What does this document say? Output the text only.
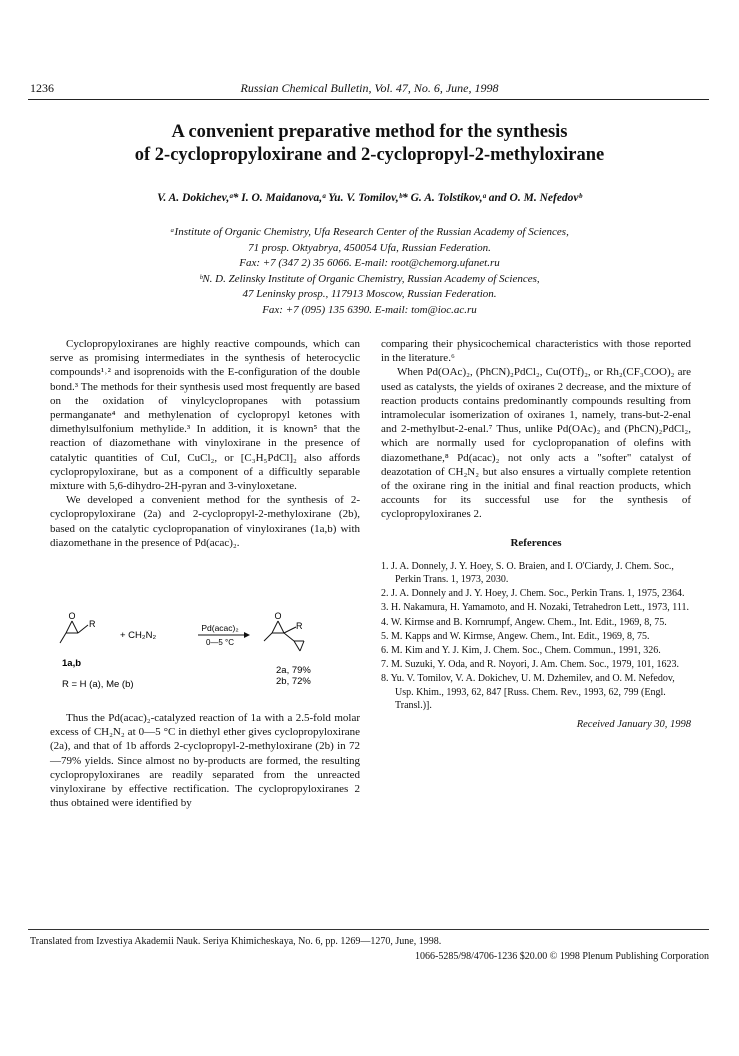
1236	Russian Chemical Bulletin, Vol. 47, No. 6, June, 1998
A convenient preparative method for the synthesis
of 2-cyclopropyloxirane and 2-cyclopropyl-2-methyloxirane
V. A. Dokichev,ᵃ* I. O. Maidanova,ᵃ Yu. V. Tomilov,ᵇ* G. A. Tolstikov,ᵃ and O. M. Nefedovᵇ
ᵃInstitute of Organic Chemistry, Ufa Research Center of the Russian Academy of Sciences,
71 prosp. Oktyabrya, 450054 Ufa, Russian Federation.
Fax: +7 (347 2) 35 6066. E-mail: root@chemorg.ufanet.ru
ᵇN. D. Zelinsky Institute of Organic Chemistry, Russian Academy of Sciences,
47 Leninsky prosp., 117913 Moscow, Russian Federation.
Fax: +7 (095) 135 6390. E-mail: tom@ioc.ac.ru

Cyclopropyloxiranes are highly reactive compounds, which can serve as promising intermediates in the synthesis of heterocyclic compounds¹˒² and isoprenoids with the E-configuration of the double bond.³ The methods for their synthesis used most frequently are based on the oxidation of vinylcyclopropanes with potassium permanganate⁴ and methylenation of cyclopropyl ketones with dimethylsulfonium methylide.³ In addition, it is known⁵ that the reaction of diazomethane with vinyloxirane in the presence of catalytic quantities of CuI, CuCl₂, or [C₃H₅PdCl]₂ also affords cyclopropyloxirane, but as a component of a difficultly separable mixture with 5,6-dihydro-2H-pyran and 3-vinyloxetane.

We developed a convenient method for the synthesis of 2-cyclopropyloxirane (2a) and 2-cyclopropyl-2-methyloxirane (2b), based on the catalytic cyclopropanation of vinyloxiranes (1a,b) with diazomethane in the presence of Pd(acac)₂.

O
R
+ CH₂N₂
Pd(acac)₂
0—5 °C
O
R
1a,b
2a, 79%
2b, 72%
R = H (a), Me (b)

Thus the Pd(acac)₂-catalyzed reaction of 1a with a 2.5-fold molar excess of CH₂N₂ at 0—5 °C in diethyl ether gives cyclopropyloxirane (2a), and that of 1b affords 2-cyclopropyl-2-methyloxirane (2b) in 72—79% yields. Since almost no by-products are formed, the resulting cyclopropyloxiranes are readily separated from the unreacted vinyloxirane by effective rectification. The cyclopropyloxiranes 2 thus obtained were identified by

comparing their physicochemical characteristics with those reported in the literature.⁶

When Pd(OAc)₂, (PhCN)₂PdCl₂, Cu(OTf)₂, or Rh₂(CF₃COO)₂ are used as catalysts, the yields of oxiranes 2 decrease, and the mixture of reaction products contains predominantly compounds resulting from intramolecular isomerization of oxiranes 1, namely, trans-but-2-enal and 2-methylbut-2-enal.⁷ Thus, unlike Pd(OAc)₂ and (PhCN)₂PdCl₂, which are normally used for cyclopropanation of olefins with diazomethane,⁸ Pd(acac)₂ not only acts a "softer" catalyst of deazotation of CH₂N₂ but also ensures a virtually complete retention of the oxirane ring in the initial and final reaction products, which accounts for its successful use for the synthesis of cyclopropyloxiranes 2.

References
1. J. A. Donnely, J. Y. Hoey, S. O. Braien, and I. O'Ciardy, J. Chem. Soc., Perkin Trans. 1, 1973, 2030.
2. J. A. Donnely and J. Y. Hoey, J. Chem. Soc., Perkin Trans. 1, 1975, 2364.
3. H. Nakamura, H. Yamamoto, and H. Nozaki, Tetrahedron Lett., 1973, 111.
4. W. Kirmse and B. Kornrumpf, Angew. Chem., Int. Edit., 1969, 8, 75.
5. M. Kapps and W. Kirmse, Angew. Chem., Int. Edit., 1969, 8, 75.
6. M. Kim and Y. J. Kim, J. Chem. Soc., Chem. Commun., 1991, 326.
7. M. Suzuki, Y. Oda, and R. Noyori, J. Am. Chem. Soc., 1979, 101, 1623.
8. Yu. V. Tomilov, V. A. Dokichev, U. M. Dzhemilev, and O. M. Nefedov, Usp. Khim., 1993, 62, 847 [Russ. Chem. Rev., 1993, 62, 799 (Engl. Transl.)].
Received January 30, 1998
Translated from Izvestiya Akademii Nauk. Seriya Khimicheskaya, No. 6, pp. 1269—1270, June, 1998.
1066-5285/98/4706-1236 $20.00 © 1998 Plenum Publishing Corporation
